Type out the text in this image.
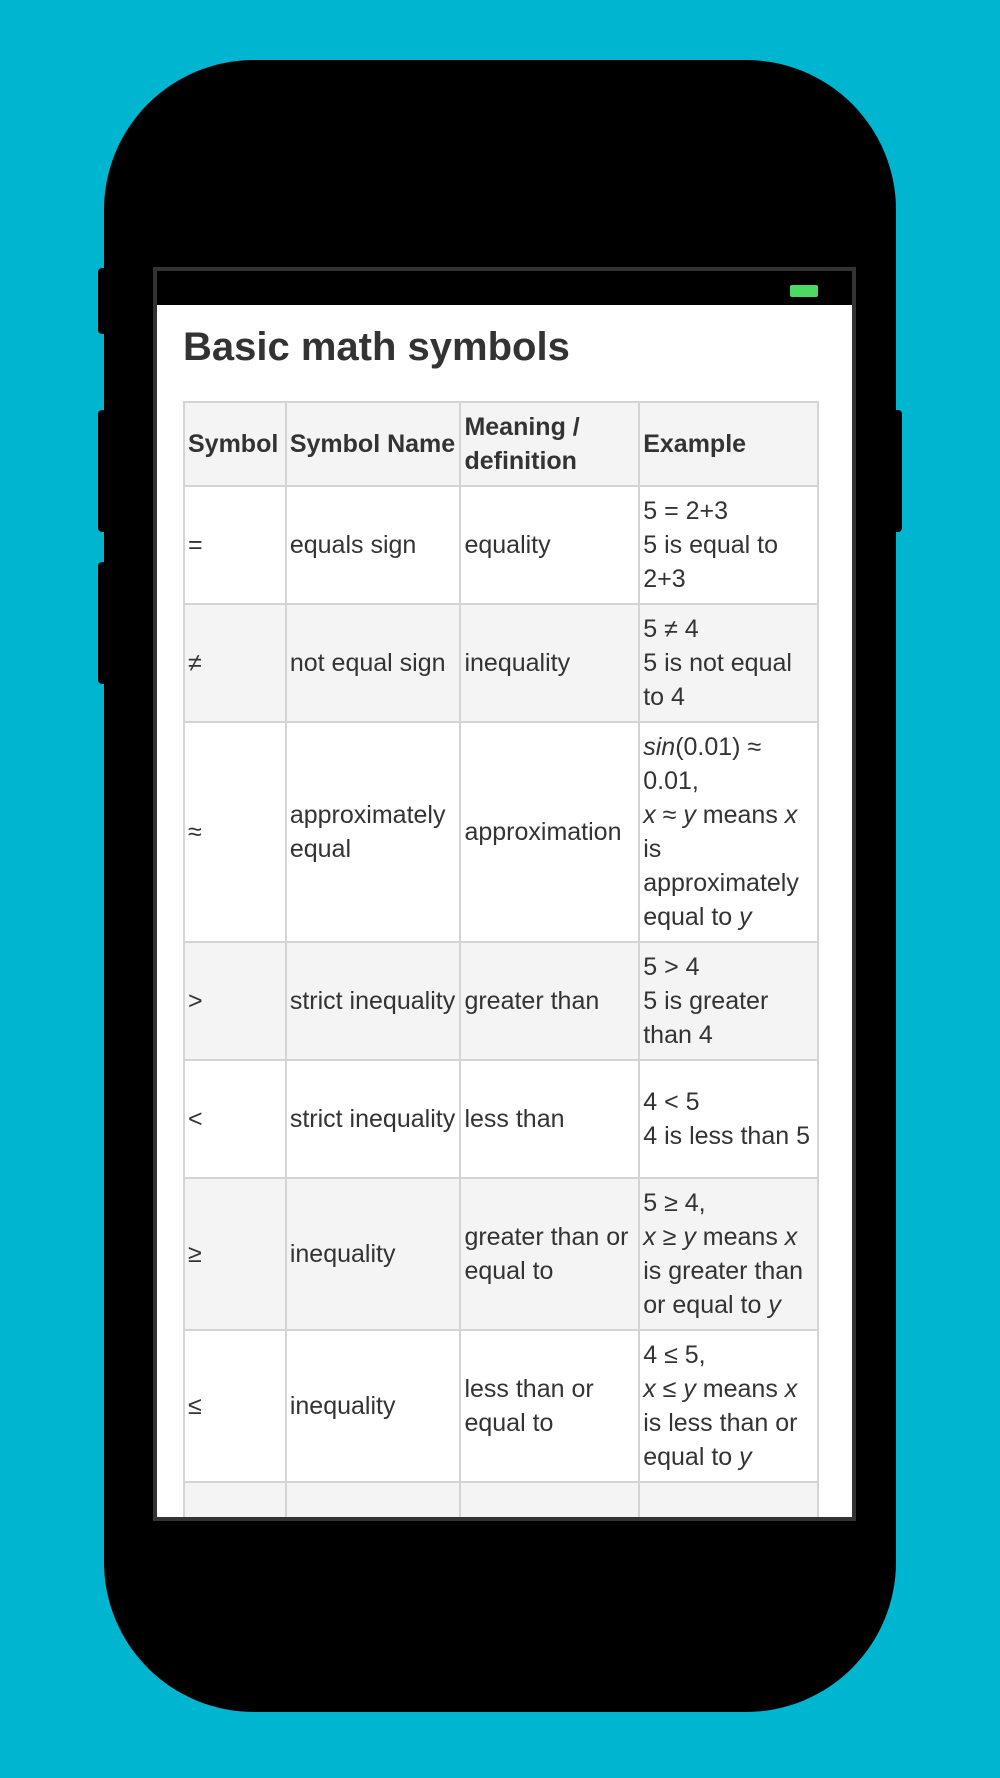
Basic math symbols
Symbol	Symbol Name	Meaning / definition	Example
=	equals sign	equality	5 = 2+3
5 is equal to 2+3

≠	not equal sign	inequality	5 ≠ 4
5 is not equal to 4

≈	approximately equal	approximation	sin(0.01) ≈ 0.01,
x ≈ y means x is approximately equal to y

>	strict inequality	greater than	5 > 4
5 is greater than 4

<	strict inequality	less than	4 < 5
4 is less than 5

≥	inequality	greater than or equal to	5 ≥ 4,
x ≥ y means x is greater than or equal to y

≤	inequality	less than or equal to	4 ≤ 5,
x ≤ y means x is less than or equal to y
